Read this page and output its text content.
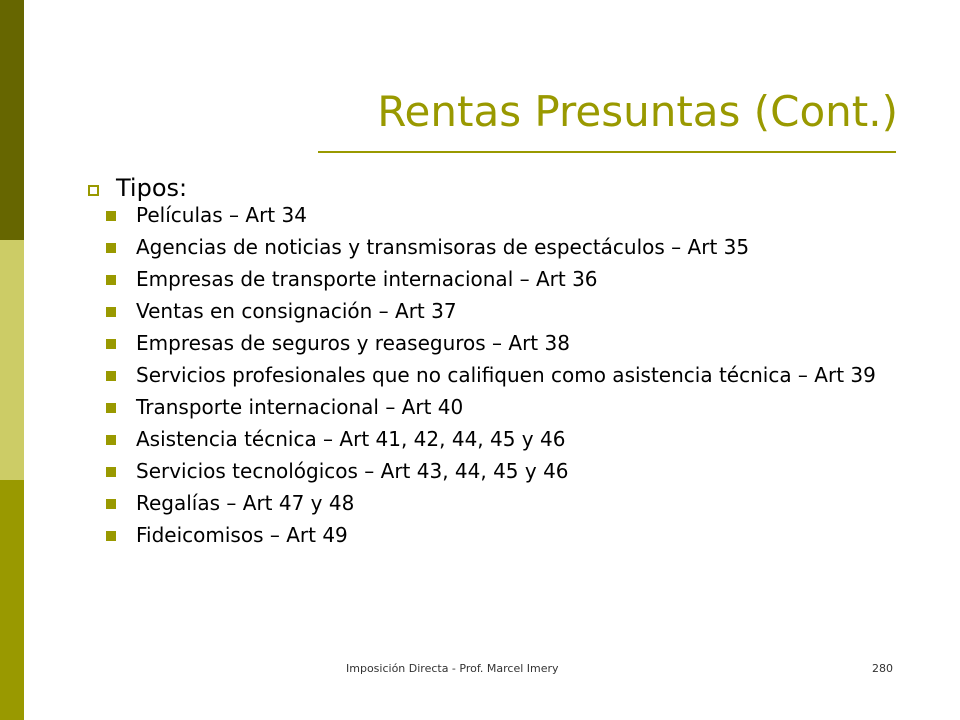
Rentas Presuntas (Cont.)
Tipos:
Películas – Art 34
Agencias de noticias y transmisoras de espectáculos – Art 35
Empresas de transporte internacional – Art 36
Ventas en consignación – Art 37
Empresas de seguros y reaseguros – Art 38
Servicios profesionales que no califiquen como asistencia técnica – Art 39
Transporte internacional – Art 40
Asistencia técnica – Art 41, 42, 44, 45 y 46
Servicios tecnológicos – Art 43, 44, 45 y 46
Regalías – Art 47 y 48
Fideicomisos – Art 49
Imposición Directa - Prof. Marcel Imery	280
